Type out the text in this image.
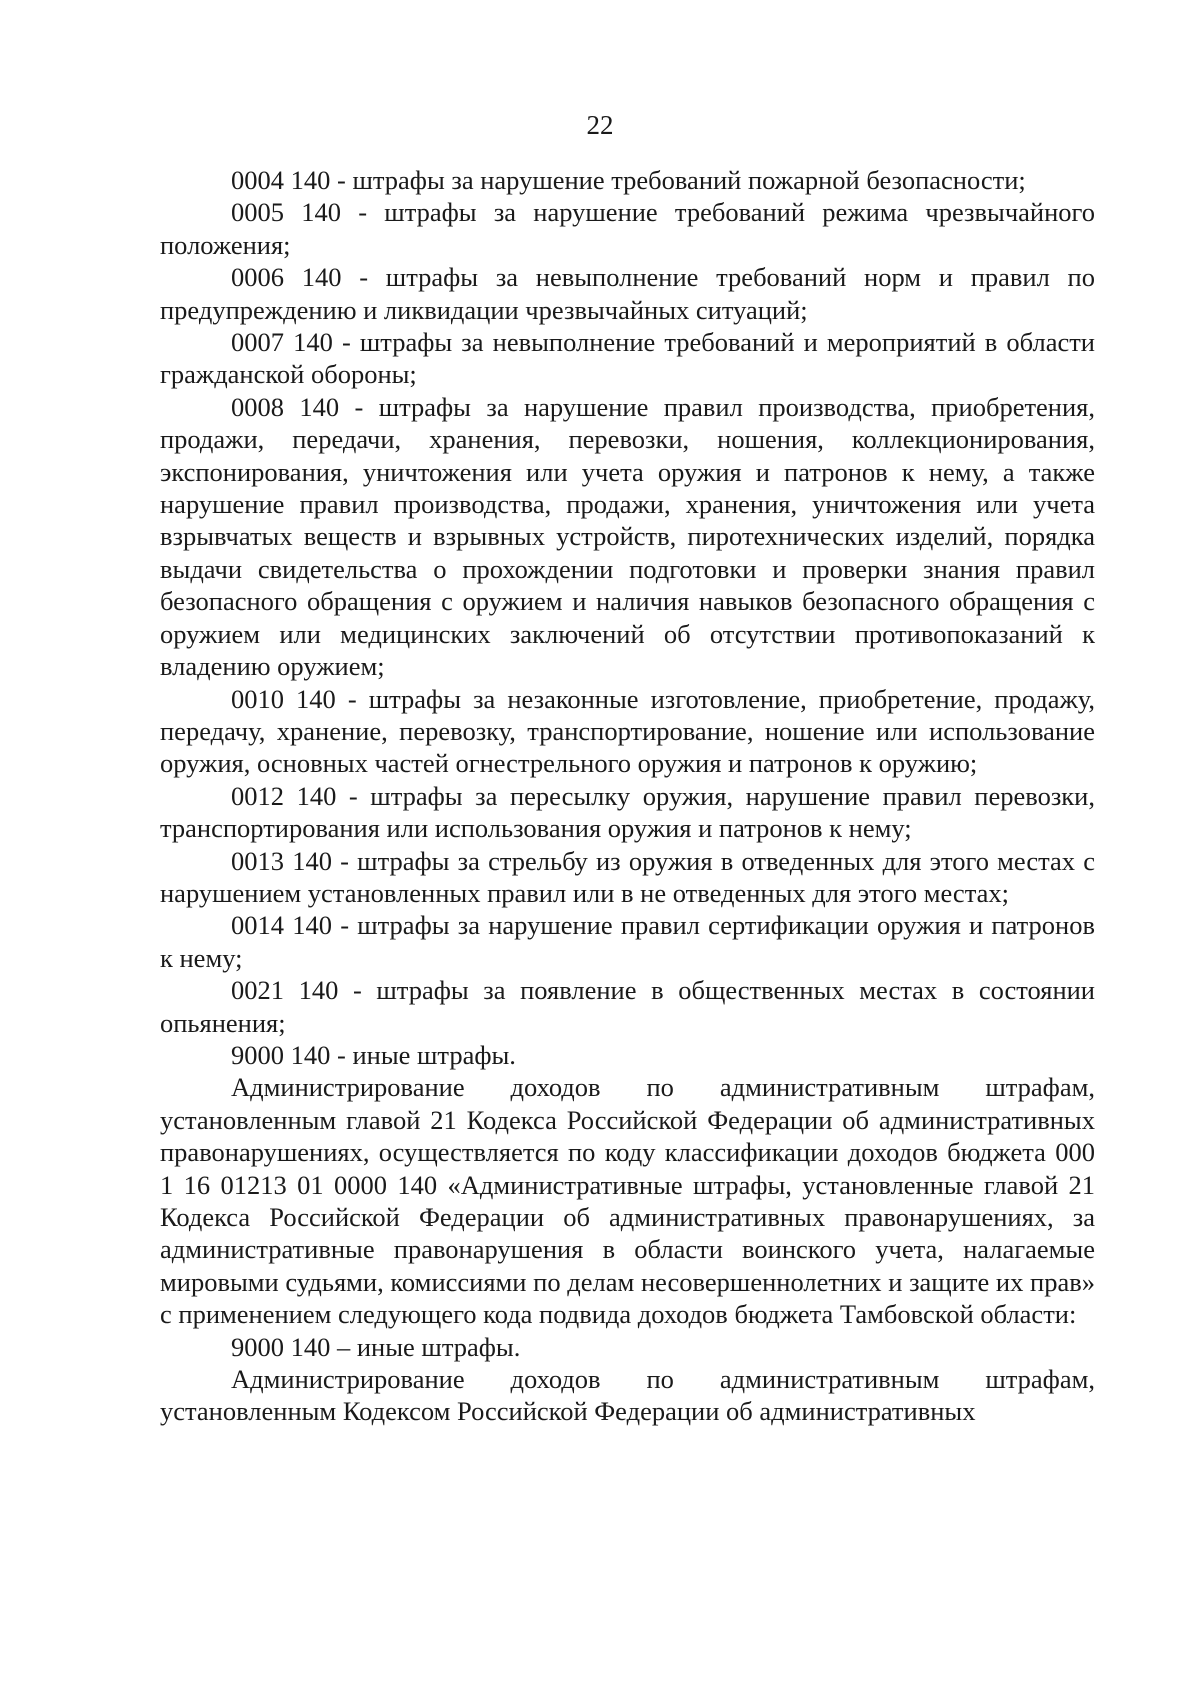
22

0004 140 - штрафы за нарушение требований пожарной безопасности;

0005 140 - штрафы за нарушение требований режима чрезвычайного положения;

0006 140 - штрафы за невыполнение требований норм и правил по предупреждению и ликвидации чрезвычайных ситуаций;

0007 140 - штрафы за невыполнение требований и мероприятий в области гражданской обороны;

0008 140 - штрафы за нарушение правил производства, приобретения, продажи, передачи, хранения, перевозки, ношения, коллекционирования, экспонирования, уничтожения или учета оружия и патронов к нему, а также нарушение правил производства, продажи, хранения, уничтожения или учета взрывчатых веществ и взрывных устройств, пиротехнических изделий, порядка выдачи свидетельства о прохождении подготовки и проверки знания правил безопасного обращения с оружием и наличия навыков безопасного обращения с оружием или медицинских заключений об отсутствии противопоказаний к владению оружием;

0010 140 - штрафы за незаконные изготовление, приобретение, продажу, передачу, хранение, перевозку, транспортирование, ношение или использование оружия, основных частей огнестрельного оружия и патронов к оружию;

0012 140 - штрафы за пересылку оружия, нарушение правил перевозки, транспортирования или использования оружия и патронов к нему;

0013 140 - штрафы за стрельбу из оружия в отведенных для этого местах с нарушением установленных правил или в не отведенных для этого местах;

0014 140 - штрафы за нарушение правил сертификации оружия и патронов к нему;

0021 140 - штрафы за появление в общественных местах в состоянии опьянения;

9000 140 - иные штрафы.

Администрирование доходов по административным штрафам, установленным главой 21 Кодекса Российской Федерации об административных правонарушениях, осуществляется по коду классификации доходов бюджета 000 1 16 01213 01 0000 140 «Административные штрафы, установленные главой 21 Кодекса Российской Федерации об административных правонарушениях, за административные правонарушения в области воинского учета, налагаемые мировыми судьями, комиссиями по делам несовершеннолетних и защите их прав» с применением следующего кода подвида доходов бюджета Тамбовской области:

9000 140 – иные штрафы.

Администрирование доходов по административным штрафам, установленным Кодексом Российской Федерации об административных
